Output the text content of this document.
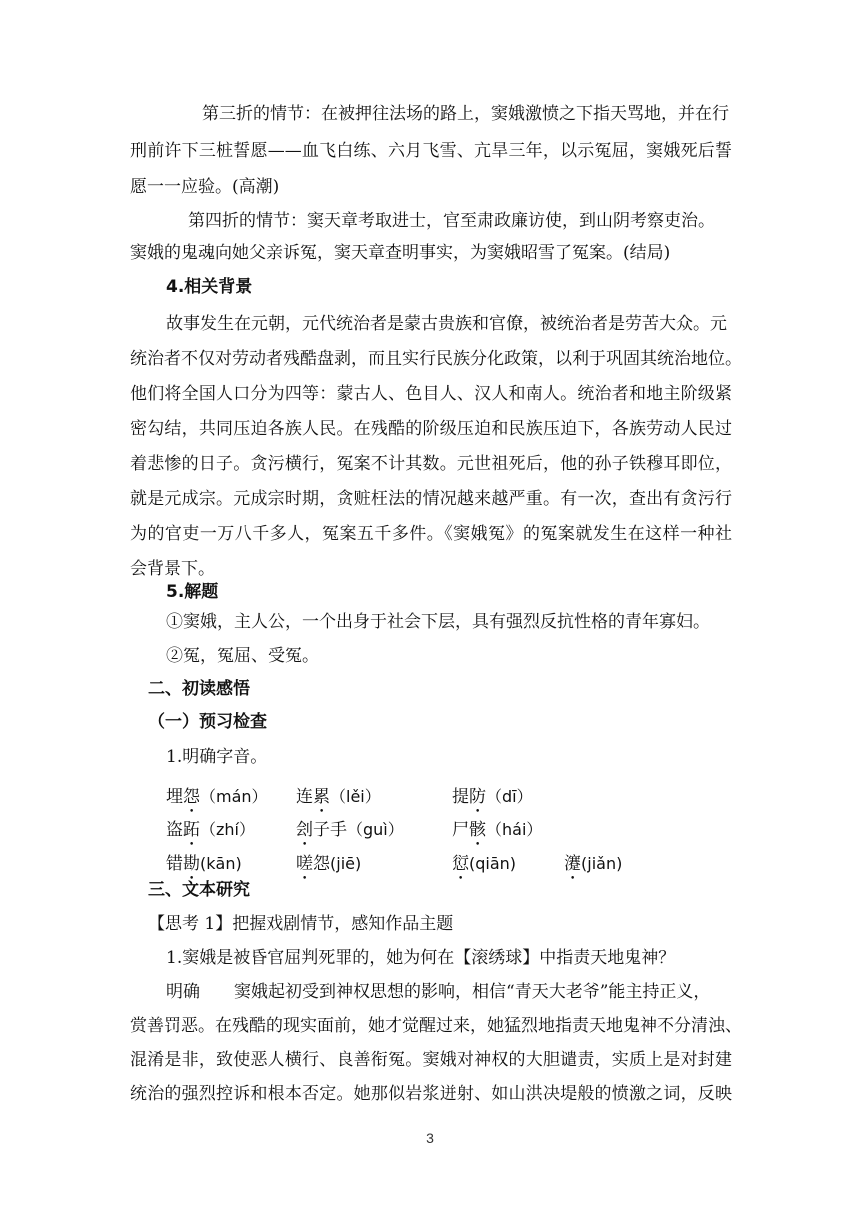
第三折的情节：在被押往法场的路上，窦娥激愤之下指天骂地，并在行
刑前许下三桩誓愿——血飞白练、六月飞雪、亢旱三年，以示冤屈，窦娥死后誓
愿一一应验。(高潮)
第四折的情节：窦天章考取进士，官至肃政廉访使，到山阴考察吏治。
窦娥的鬼魂向她父亲诉冤，窦天章查明事实，为窦娥昭雪了冤案。(结局)
4.相关背景
故事发生在元朝，元代统治者是蒙古贵族和官僚，被统治者是劳苦大众。元
统治者不仅对劳动者残酷盘剥，而且实行民族分化政策，以利于巩固其统治地位。
他们将全国人口分为四等：蒙古人、色目人、汉人和南人。统治者和地主阶级紧
密勾结，共同压迫各族人民。在残酷的阶级压迫和民族压迫下，各族劳动人民过
着悲惨的日子。贪污横行，冤案不计其数。元世祖死后，他的孙子铁穆耳即位，
就是元成宗。元成宗时期，贪赃枉法的情况越来越严重。有一次，查出有贪污行
为的官吏一万八千多人，冤案五千多件。《窦娥冤》的冤案就发生在这样一种社
会背景下。
5.解题
①窦娥，主人公，一个出身于社会下层，具有强烈反抗性格的青年寡妇。
②冤，冤屈、受冤。
二、初读感悟
（一）预习检查
1.明确字音。
埋怨（mán） 连累（lěi）	提防（dī）
盗跖（zhí） 刽子手（guì）	尸骸（hái）
错勘(kān)	嗟怨(jiē)	愆(qiān)	瀽(jiǎn)
三、文本研究
【思考 1】把握戏剧情节，感知作品主题
1.窦娥是被昏官屈判死罪的，她为何在【滚绣球】中指责天地鬼神？
明确　　窦娥起初受到神权思想的影响，相信“青天大老爷”能主持正义，
赏善罚恶。在残酷的现实面前，她才觉醒过来，她猛烈地指责天地鬼神不分清浊、
混淆是非，致使恶人横行、良善衔冤。窦娥对神权的大胆谴责，实质上是对封建
统治的强烈控诉和根本否定。她那似岩浆迸射、如山洪决堤般的愤激之词，反映
3
